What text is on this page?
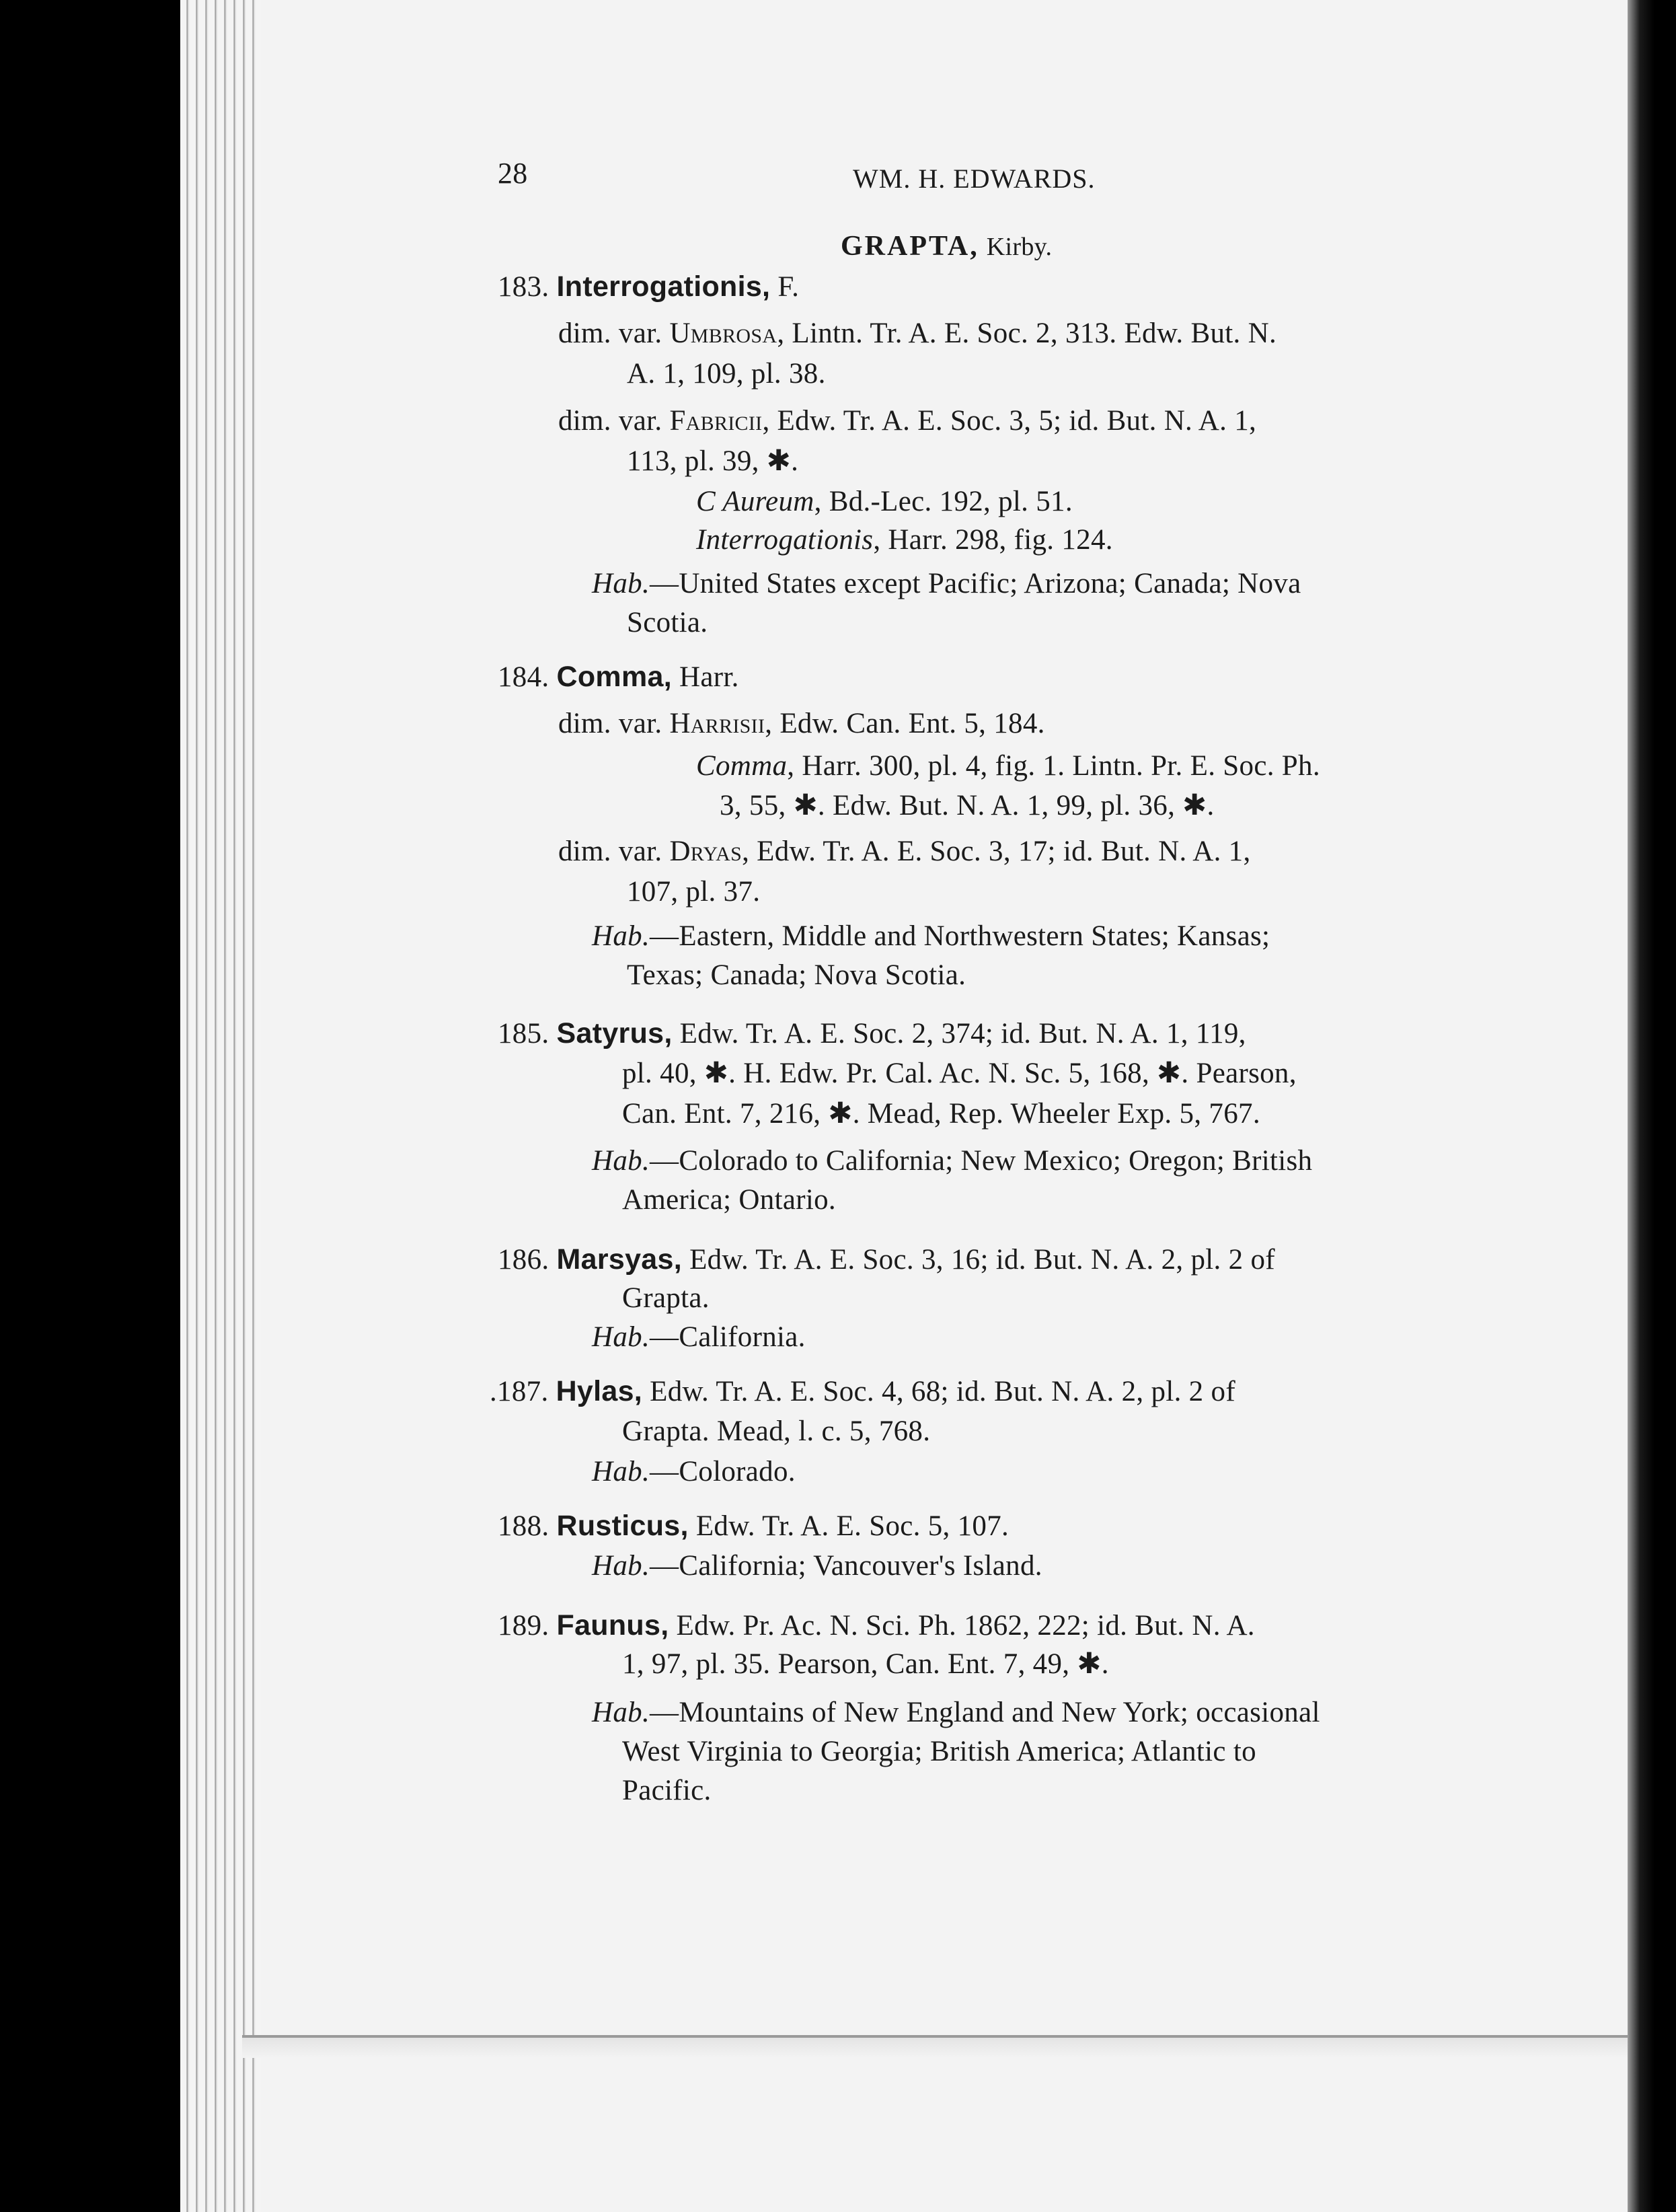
28	WM. H. EDWARDS.
GRAPTA, Kirby.
183. Interrogationis, F.
dim. var. Umbrosa, Lintn. Tr. A. E. Soc. 2, 313. Edw. But. N.
A. 1, 109, pl. 38.
dim. var. Fabricii, Edw. Tr. A. E. Soc. 3, 5; id. But. N. A. 1,
113, pl. 39, ✱.
C Aureum, Bd.-Lec. 192, pl. 51.
Interrogationis, Harr. 298, fig. 124.
Hab.—United States except Pacific; Arizona; Canada; Nova
Scotia.
184. Comma, Harr.
dim. var. Harrisii, Edw. Can. Ent. 5, 184.
Comma, Harr. 300, pl. 4, fig. 1. Lintn. Pr. E. Soc. Ph.
3, 55, ✱. Edw. But. N. A. 1, 99, pl. 36, ✱.
dim. var. Dryas, Edw. Tr. A. E. Soc. 3, 17; id. But. N. A. 1,
107, pl. 37.
Hab.—Eastern, Middle and Northwestern States; Kansas;
Texas; Canada; Nova Scotia.
185. Satyrus, Edw. Tr. A. E. Soc. 2, 374; id. But. N. A. 1, 119,
pl. 40, ✱. H. Edw. Pr. Cal. Ac. N. Sc. 5, 168, ✱. Pearson,
Can. Ent. 7, 216, ✱. Mead, Rep. Wheeler Exp. 5, 767.
Hab.—Colorado to California; New Mexico; Oregon; British
America; Ontario.
186. Marsyas, Edw. Tr. A. E. Soc. 3, 16; id. But. N. A. 2, pl. 2 of
Grapta.
Hab.—California.
.187. Hylas, Edw. Tr. A. E. Soc. 4, 68; id. But. N. A. 2, pl. 2 of
Grapta. Mead, l. c. 5, 768.
Hab.—Colorado.
188. Rusticus, Edw. Tr. A. E. Soc. 5, 107.
Hab.—California; Vancouver's Island.
189. Faunus, Edw. Pr. Ac. N. Sci. Ph. 1862, 222; id. But. N. A.
1, 97, pl. 35. Pearson, Can. Ent. 7, 49, ✱.
Hab.—Mountains of New England and New York; occasional
West Virginia to Georgia; British America; Atlantic to
Pacific.
